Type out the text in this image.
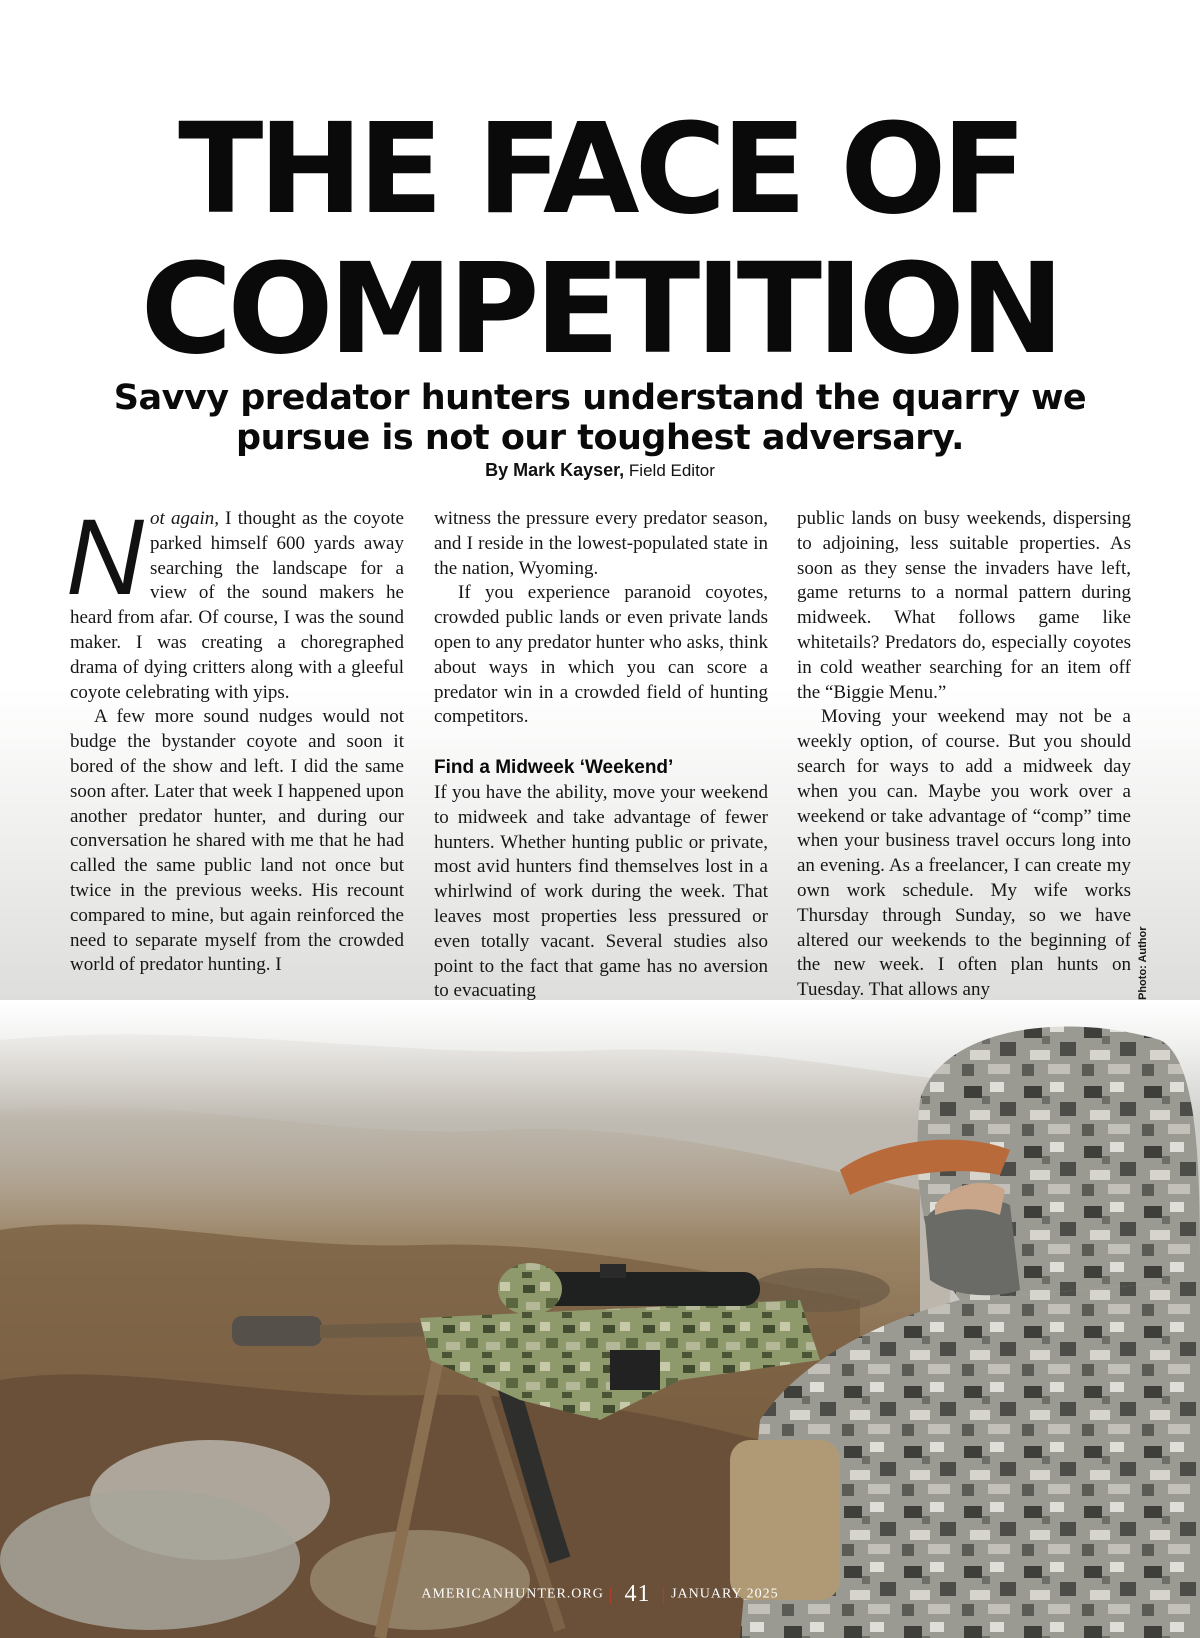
THE FACE OF
COMPETITION
Savvy predator hunters understand the quarry we pursue is not our toughest adversary.
By Mark Kayser, Field Editor

Not again, I thought as the coyote parked himself 600 yards away searching the landscape for a view of the sound makers he heard from afar. Of course, I was the sound maker. I was creating a choregraphed drama of dying critters along with a gleeful coyote celebrating with yips.

A few more sound nudges would not budge the bystander coyote and soon it bored of the show and left. I did the same soon after. Later that week I happened upon another predator hunter, and during our conversation he shared with me that he had called the same public land not once but twice in the previous weeks. His recount compared to mine, but again reinforced the need to separate myself from the crowded world of predator hunting. I

witness the pressure every predator season, and I reside in the lowest-populated state in the nation, Wyoming.

If you experience paranoid coyotes, crowded public lands or even private lands open to any predator hunter who asks, think about ways in which you can score a predator win in a crowded field of hunting competitors.

Find a Midweek ‘Weekend’

If you have the ability, move your weekend to midweek and take advantage of fewer hunters. Whether hunting public or private, most avid hunters find themselves lost in a whirlwind of work during the week. That leaves most properties less pressured or even totally vacant. Several studies also point to the fact that game has no aversion to evacuating

public lands on busy weekends, dispersing to adjoining, less suitable properties. As soon as they sense the invaders have left, game returns to a normal pattern during midweek. What follows game like whitetails? Predators do, especially coyotes in cold weather searching for an item off the “Biggie Menu.”

Moving your weekend may not be a weekly option, of course. But you should search for ways to add a midweek day when you can. Maybe you work over a weekend or take advantage of “comp” time when your business travel occurs long into an evening. As a freelancer, I can create my own work schedule. My wife works Thursday through Sunday, so we have altered our weekends to the beginning of the new week. I often plan hunts on Tuesday. That allows any	Photo: Author
AMERICANHUNTER.ORG | 41 | JANUARY 2025
